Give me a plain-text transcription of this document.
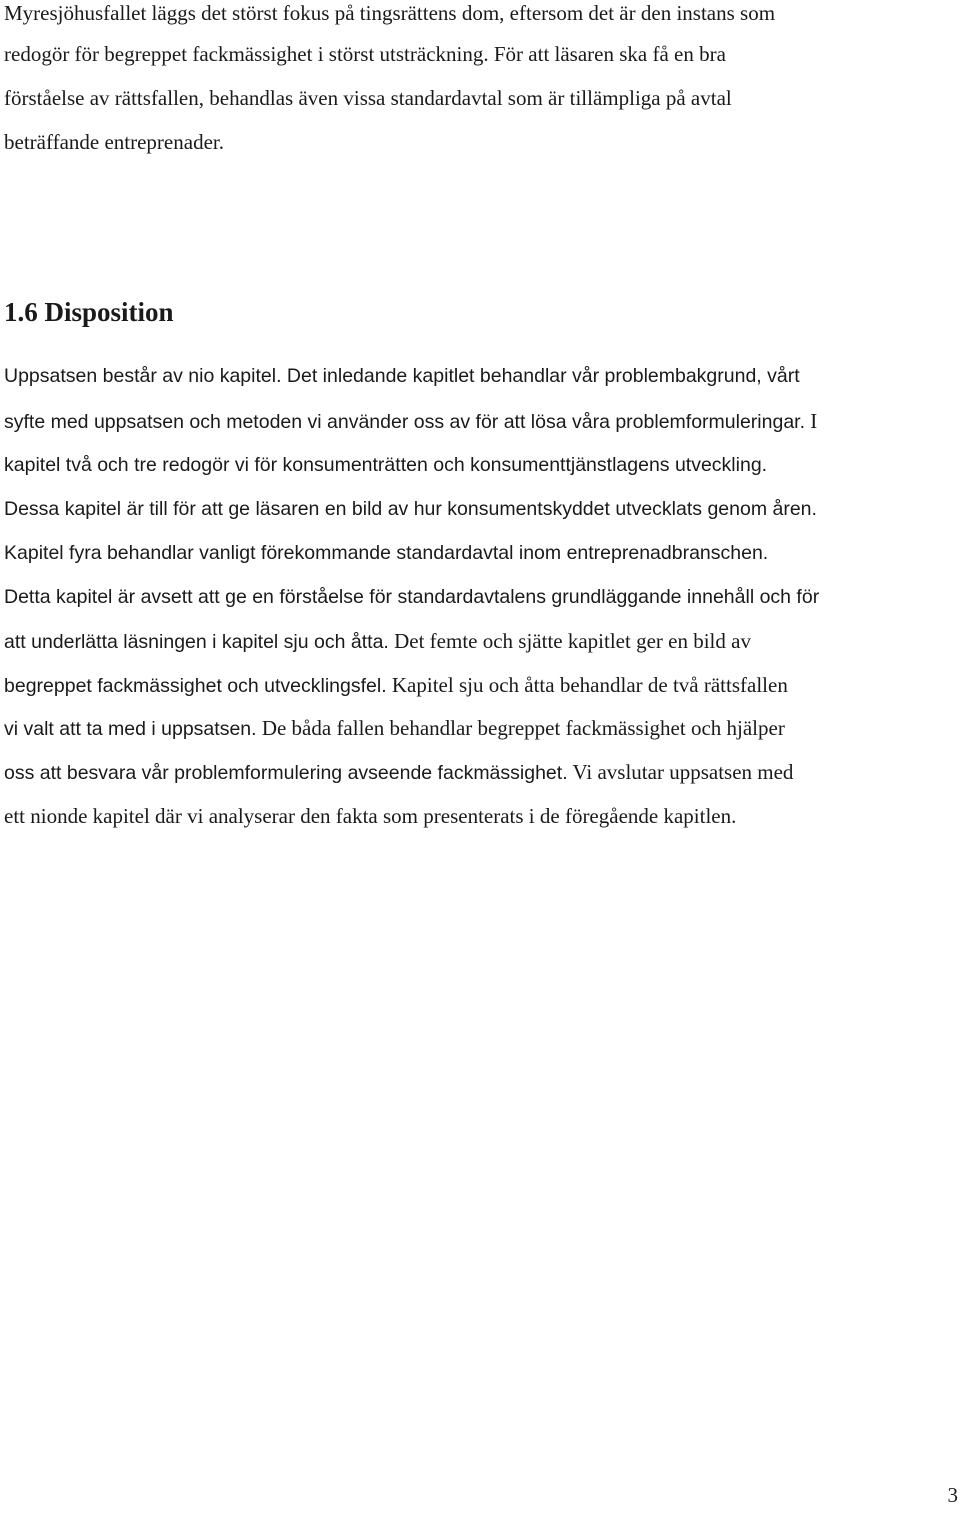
Myresjöhusfallet läggs det störst fokus på tingsrättens dom, eftersom det är den instans som

redogör för begreppet fackmässighet i störst utsträckning. För att läsaren ska få en bra

förståelse av rättsfallen, behandlas även vissa standardavtal som är tillämpliga på avtal

beträffande entreprenader.

1.6 Disposition

Uppsatsen består av nio kapitel. Det inledande kapitlet behandlar vår problembakgrund, vårt

syfte med uppsatsen och metoden vi använder oss av för att lösa våra problemformuleringar. I

kapitel två och tre redogör vi för konsumenträtten och konsumenttjänstlagens utveckling.

Dessa kapitel är till för att ge läsaren en bild av hur konsumentskyddet utvecklats genom åren.

Kapitel fyra behandlar vanligt förekommande standardavtal inom entreprenadbranschen.

Detta kapitel är avsett att ge en förståelse för standardavtalens grundläggande innehåll och för

att underlätta läsningen i kapitel sju och åtta. Det femte och sjätte kapitlet ger en bild av

begreppet fackmässighet och utvecklingsfel. Kapitel sju och åtta behandlar de två rättsfallen

vi valt att ta med i uppsatsen. De båda fallen behandlar begreppet fackmässighet och hjälper

oss att besvara vår problemformulering avseende fackmässighet. Vi avslutar uppsatsen med

ett nionde kapitel där vi analyserar den fakta som presenterats i de föregående kapitlen.

3
